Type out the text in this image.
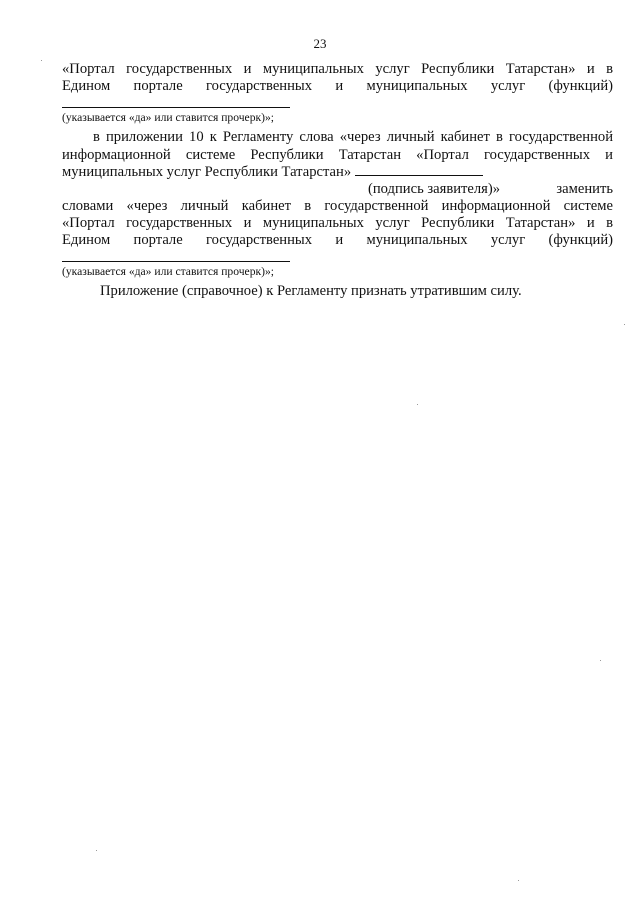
23
«Портал государственных и муниципальных услуг Республики Татарстан» и в
Едином портале государственных и муниципальных услуг (функций)
(указывается «да» или ставится прочерк)»;
в приложении 10 к Регламенту слова «через личный кабинет в государственной
информационной системе Республики Татарстан «Портал государственных и
муниципальных услуг Республики Татарстан»
(подпись заявителя)»	заменить
словами «через личный кабинет в государственной информационной системе
«Портал государственных и муниципальных услуг Республики Татарстан» и в
Едином портале государственных и муниципальных услуг (функций)
(указывается «да» или ставится прочерк)»;
Приложение (справочное) к Регламенту признать утратившим силу.
